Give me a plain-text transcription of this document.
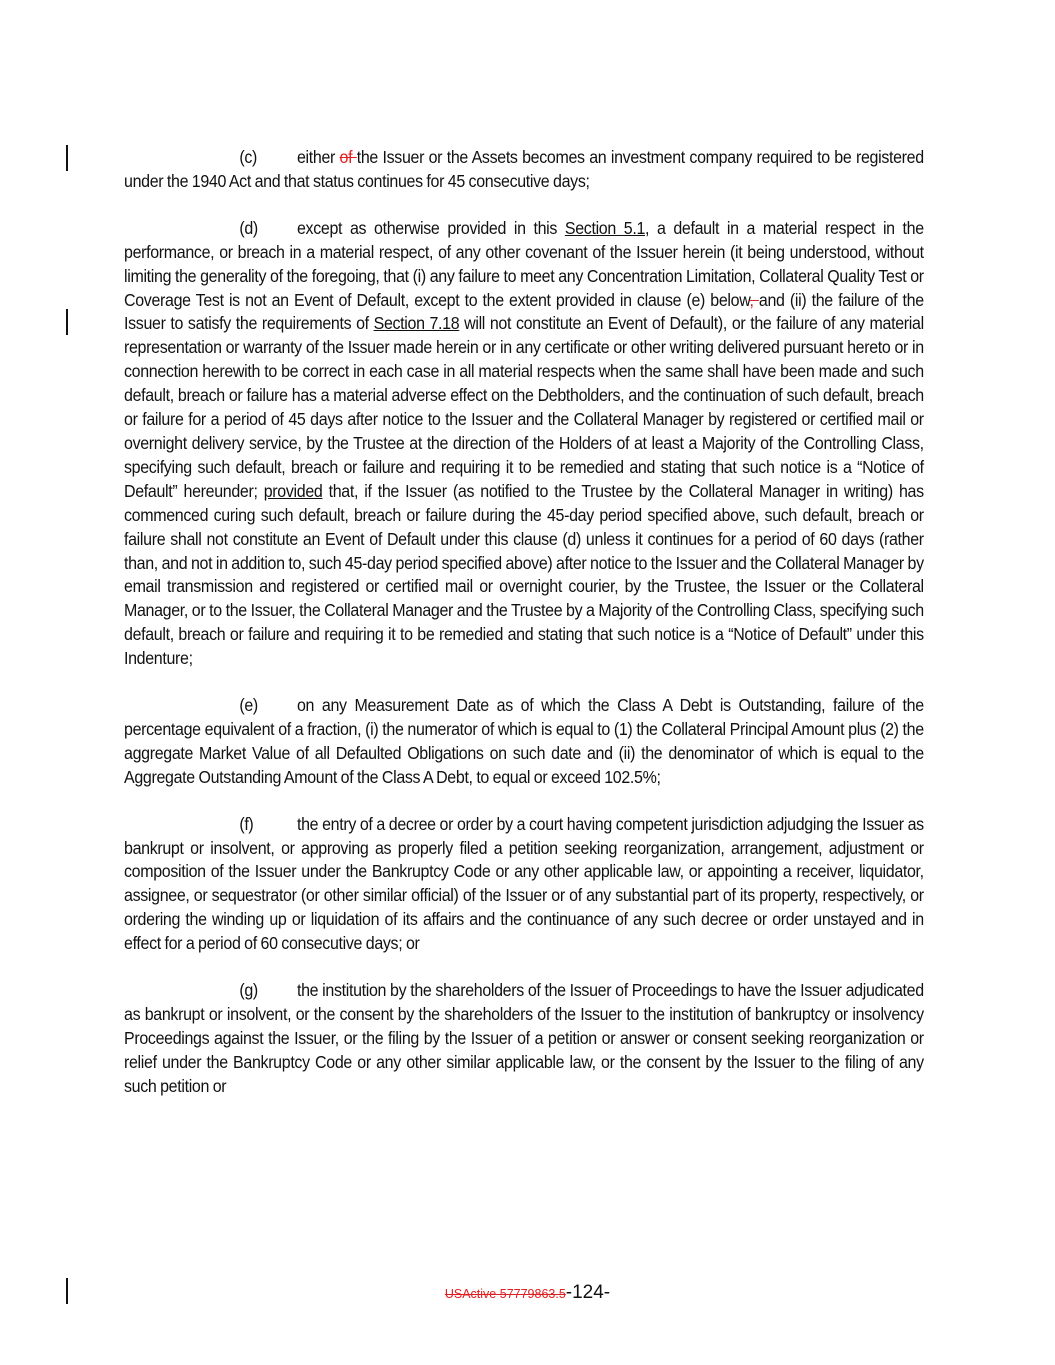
(c) either of the Issuer or the Assets becomes an investment company required to be registered under the 1940 Act and that status continues for 45 consecutive days;

(d) except as otherwise provided in this Section 5.1, a default in a material respect in the performance, or breach in a material respect, of any other covenant of the Issuer herein (it being understood, without limiting the generality of the foregoing, that (i) any failure to meet any Concentration Limitation, Collateral Quality Test or Coverage Test is not an Event of Default, except to the extent provided in clause (e) below, and (ii) the failure of the Issuer to satisfy the requirements of Section 7.18 will not constitute an Event of Default), or the failure of any material representation or warranty of the Issuer made herein or in any certificate or other writing delivered pursuant hereto or in connection herewith to be correct in each case in all material respects when the same shall have been made and such default, breach or failure has a material adverse effect on the Debtholders, and the continuation of such default, breach or failure for a period of 45 days after notice to the Issuer and the Collateral Manager by registered or certified mail or overnight delivery service, by the Trustee at the direction of the Holders of at least a Majority of the Controlling Class, specifying such default, breach or failure and requiring it to be remedied and stating that such notice is a “Notice of Default” hereunder; provided that, if the Issuer (as notified to the Trustee by the Collateral Manager in writing) has commenced curing such default, breach or failure during the 45-day period specified above, such default, breach or failure shall not constitute an Event of Default under this clause (d) unless it continues for a period of 60 days (rather than, and not in addition to, such 45-day period specified above) after notice to the Issuer and the Collateral Manager by email transmission and registered or certified mail or overnight courier, by the Trustee, the Issuer or the Collateral Manager, or to the Issuer, the Collateral Manager and the Trustee by a Majority of the Controlling Class, specifying such default, breach or failure and requiring it to be remedied and stating that such notice is a “Notice of Default” under this Indenture;

(e) on any Measurement Date as of which the Class A Debt is Outstanding, failure of the percentage equivalent of a fraction, (i) the numerator of which is equal to (1) the Collateral Principal Amount plus (2) the aggregate Market Value of all Defaulted Obligations on such date and (ii) the denominator of which is equal to the Aggregate Outstanding Amount of the Class A Debt, to equal or exceed 102.5%;

(f)	the entry of a decree or order by a court having competent jurisdiction adjudging the Issuer as bankrupt or insolvent, or approving as properly filed a petition seeking reorganization, arrangement, adjustment or composition of the Issuer under the Bankruptcy Code or any other applicable law, or appointing a receiver, liquidator, assignee, or sequestrator (or other similar official) of the Issuer or of any substantial part of its property, respectively, or ordering the winding up or liquidation of its affairs and the continuance of any such decree or order unstayed and in effect for a period of 60 consecutive days; or

(g) the institution by the shareholders of the Issuer of Proceedings to have the Issuer adjudicated as bankrupt or insolvent, or the consent by the shareholders of the Issuer to the institution of bankruptcy or insolvency Proceedings against the Issuer, or the filing by the Issuer of a petition or answer or consent seeking reorganization or relief under the Bankruptcy Code or any other similar applicable law, or the consent by the Issuer to the filing of any such petition or

USActive 57779863.5-124-
